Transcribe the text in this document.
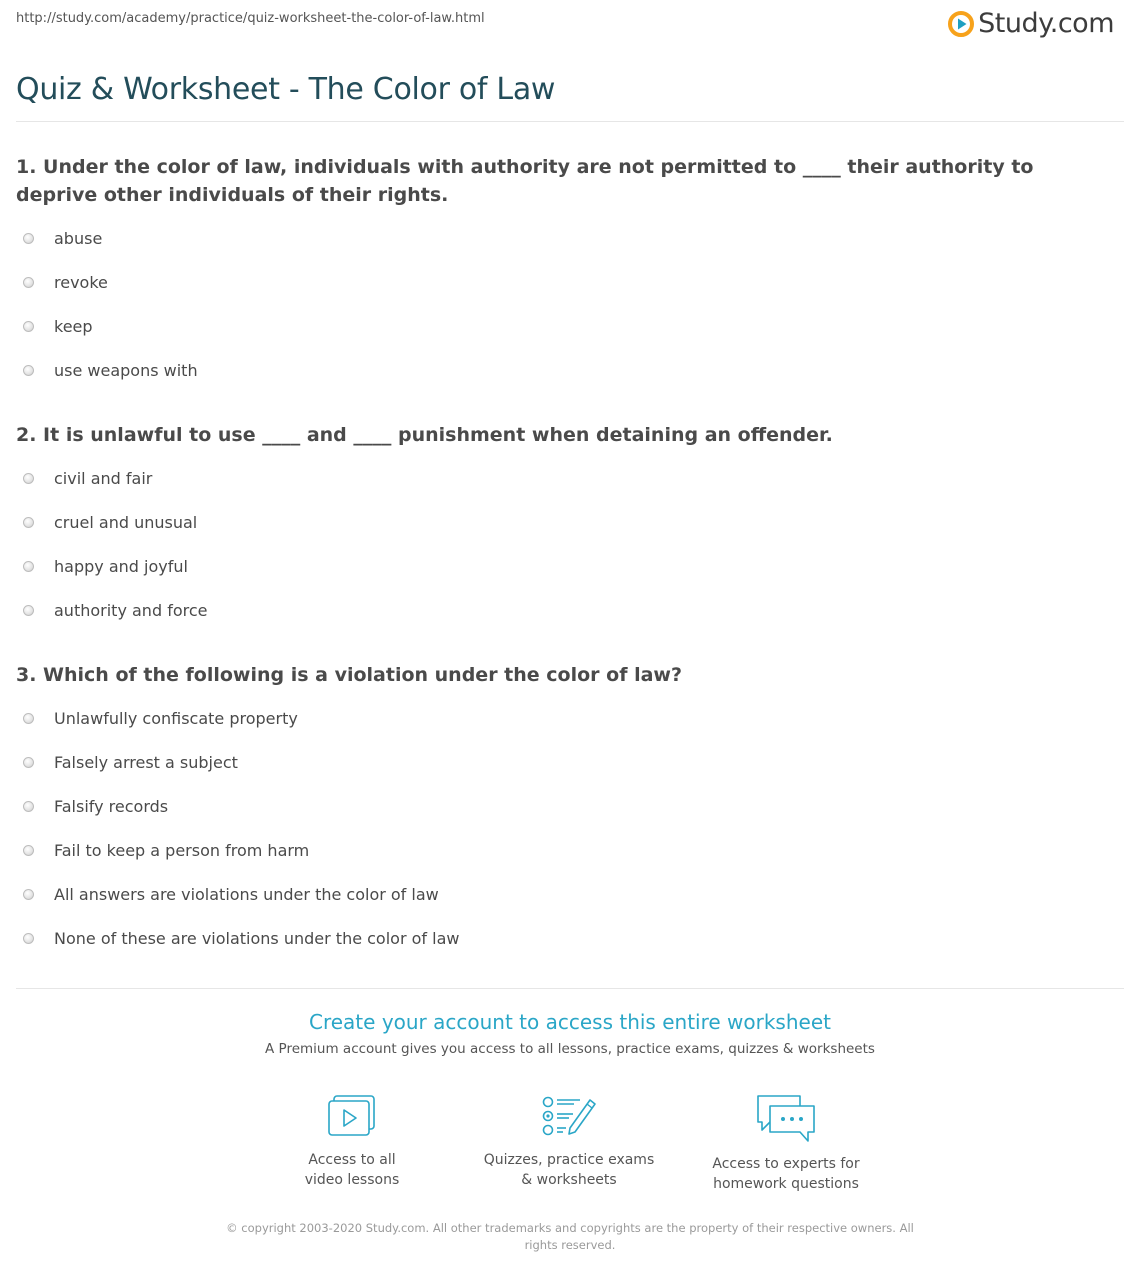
http://study.com/academy/practice/quiz-worksheet-the-color-of-law.html	Study.com
Quiz & Worksheet - The Color of Law

1. Under the color of law, individuals with authority are not permitted to ____ their authority to deprive other individuals of their rights.

abuse
revoke
keep
use weapons with

2. It is unlawful to use ____ and ____ punishment when detaining an offender.

civil and fair
cruel and unusual
happy and joyful
authority and force

3. Which of the following is a violation under the color of law?

Unlawfully confiscate property
Falsely arrest a subject
Falsify records
Fail to keep a person from harm
All answers are violations under the color of law
None of these are violations under the color of law
Create your account to access this entire worksheet
A Premium account gives you access to all lessons, practice exams, quizzes & worksheets
Access to all
video lessons
Quizzes, practice exams
& worksheets
Access to experts for
homework questions
© copyright 2003-2020 Study.com. All other trademarks and copyrights are the property of their respective owners. All rights reserved.
